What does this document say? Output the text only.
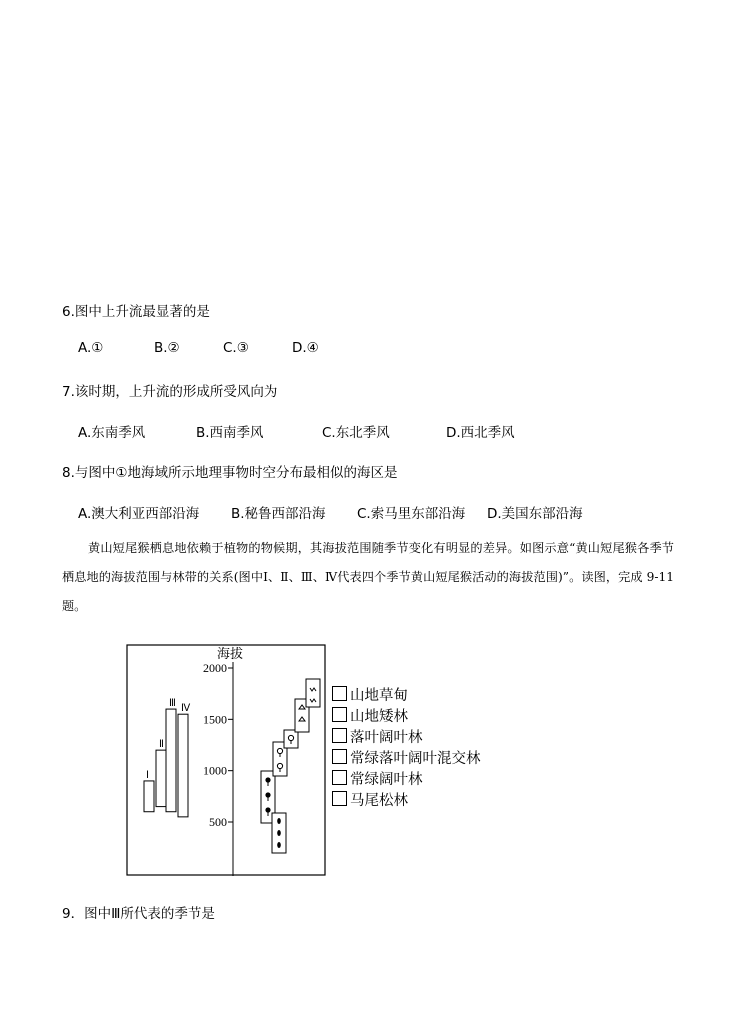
6.图中上升流最显著的是
A.①	B.②	C.③	D.④
7.该时期，上升流的形成所受风向为
A.东南季风	B.西南季风	C.东北季风	D.西北季风
8.与图中①地海域所示地理事物时空分布最相似的海区是
A.澳大利亚西部沿海 B.秘鲁西部沿海 C.索马里东部沿海 D.美国东部沿海

黄山短尾猴栖息地依赖于植物的物候期，其海拔范围随季节变化有明显的差异。如图示意“黄山短尾猴各季节栖息地的海拔范围与林带的关系(图中Ⅰ、Ⅱ、Ⅲ、Ⅳ代表四个季节黄山短尾猴活动的海拔范围)”。读图，完成 9-11 题。

海拔
2000
1500
1000
500
Ⅰ
Ⅱ
Ⅲ Ⅳ
山地草甸
山地矮林
落叶阔叶林
常绿落叶阔叶混交林
常绿阔叶林
马尾松林
9．图中Ⅲ所代表的季节是
